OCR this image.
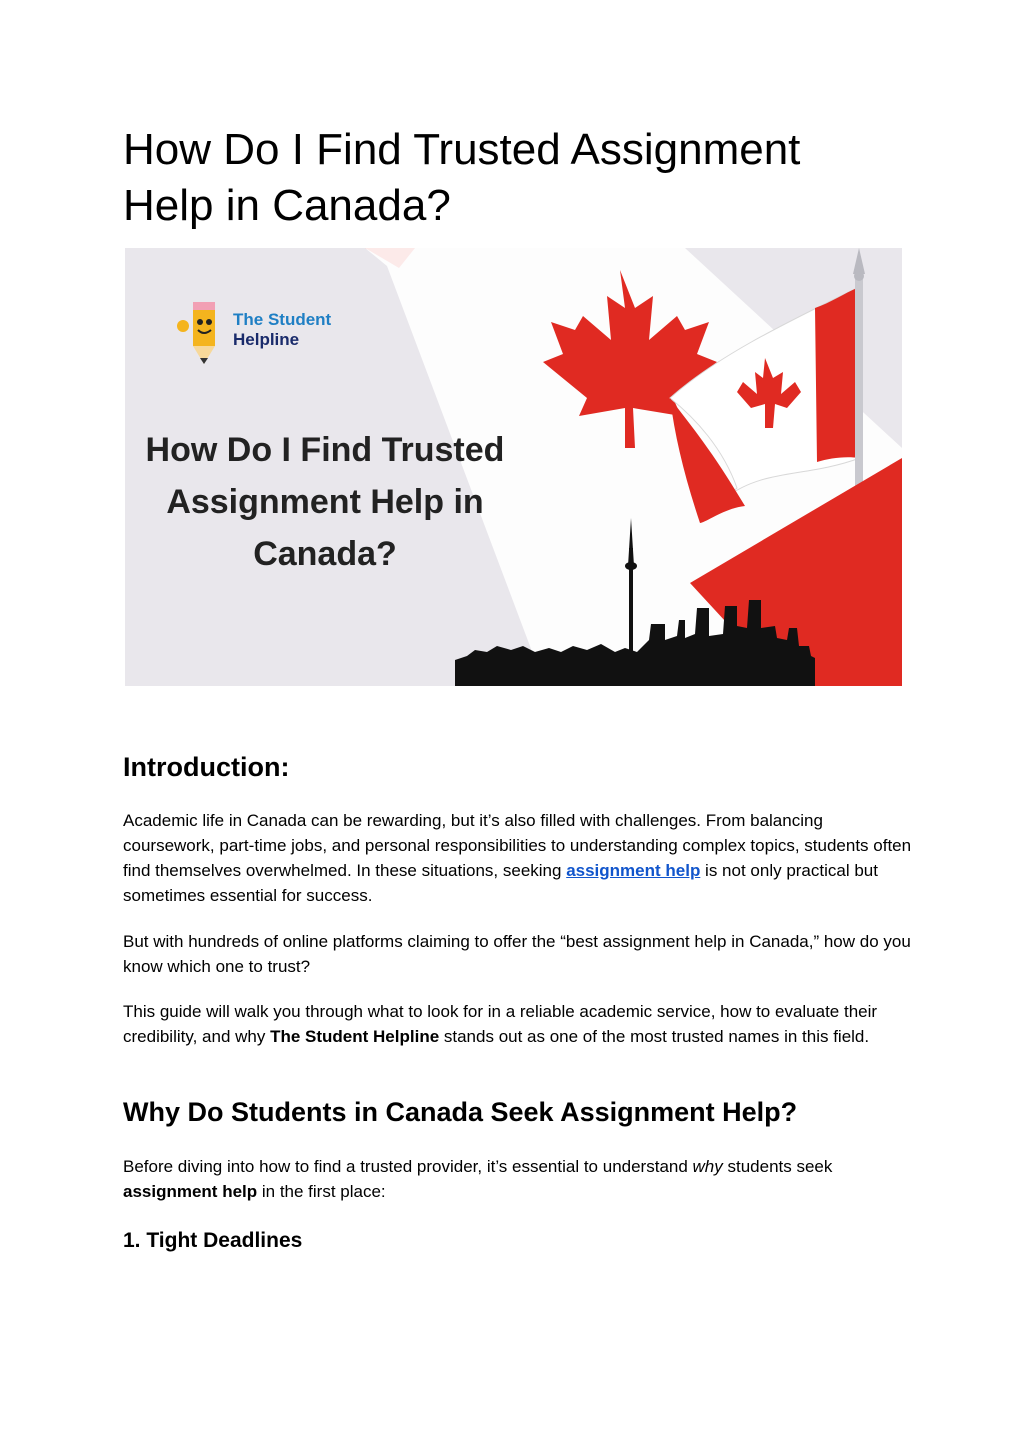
How Do I Find Trusted Assignment Help in Canada?
The Student
Helpline
How Do I Find Trusted
Assignment Help in
Canada?
Introduction:

Academic life in Canada can be rewarding, but it’s also filled with challenges. From balancing coursework, part-time jobs, and personal responsibilities to understanding complex topics, students often find themselves overwhelmed. In these situations, seeking assignment help is not only practical but sometimes essential for success.

But with hundreds of online platforms claiming to offer the “best assignment help in Canada,” how do you know which one to trust?

This guide will walk you through what to look for in a reliable academic service, how to evaluate their credibility, and why The Student Helpline stands out as one of the most trusted names in this field.

Why Do Students in Canada Seek Assignment Help?

Before diving into how to find a trusted provider, it’s essential to understand why students seek assignment help in the first place:

1. Tight Deadlines
